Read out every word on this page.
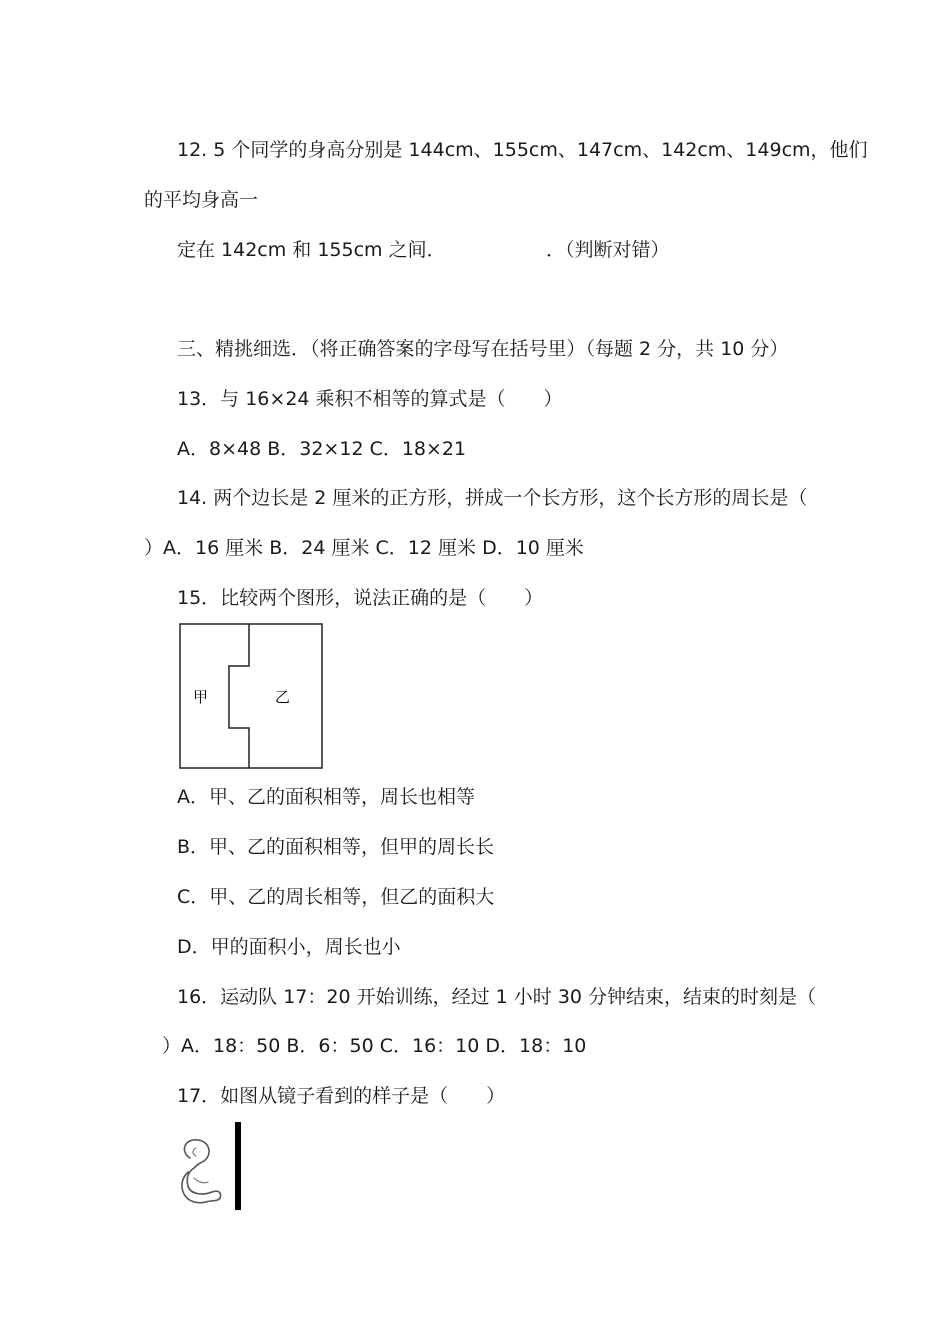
12. 5 个同学的身高分别是 144cm、155cm、147cm、142cm、149cm，他们
的平均身高一
定在 142cm 和 155cm 之间．	．（判断对错）
三、精挑细选．（将正确答案的字母写在括号里）（每题 2 分，共 10 分）
13．与 16×24 乘积不相等的算式是（　　）
A．8×48 B．32×12 C．18×21
14. 两个边长是 2 厘米的正方形，拼成一个长方形，这个长方形的周长是（
）A．16 厘米 B．24 厘米 C．12 厘米 D．10 厘米
15．比较两个图形，说法正确的是（　　）
甲	乙
A．甲、乙的面积相等，周长也相等
B．甲、乙的面积相等，但甲的周长长
C．甲、乙的周长相等，但乙的面积大
D．甲的面积小，周长也小
16．运动队 17：20 开始训练，经过 1 小时 30 分钟结束，结束的时刻是（
）A．18：50 B．6：50 C．16：10 D．18：10
17．如图从镜子看到的样子是（　　）
